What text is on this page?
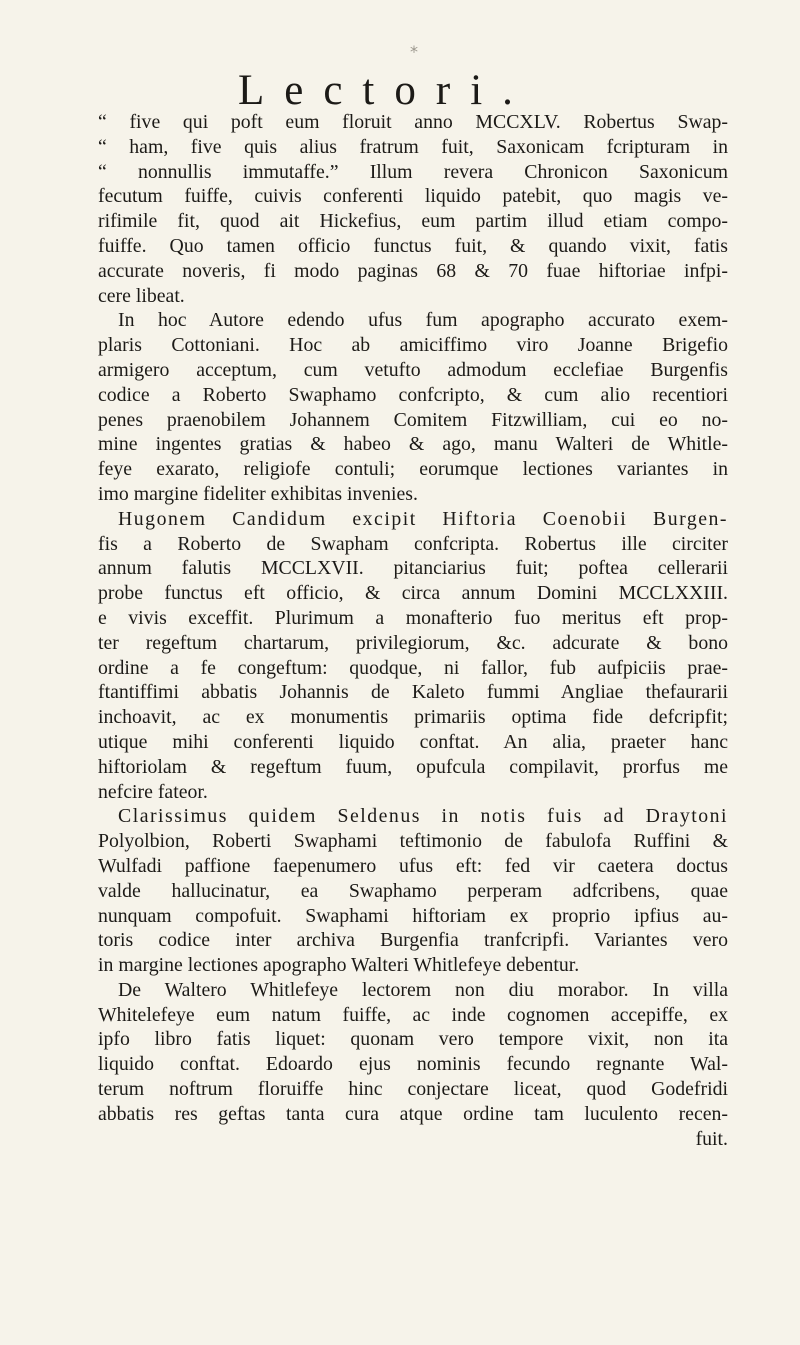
*
Lectori.
“ five qui poft eum floruit anno MCCXLV. Robertus Swap-
“ ham, five quis alius fratrum fuit, Saxonicam fcripturam in
“ nonnullis immutaffe.” Illum revera Chronicon Saxonicum
fecutum fuiffe, cuivis conferenti liquido patebit, quo magis ve-
rifimile fit, quod ait Hickefius, eum partim illud etiam compo-
fuiffe. Quo tamen officio functus fuit, & quando vixit, fatis
accurate noveris, fi modo paginas 68 & 70 fuae hiftoriae infpi-
cere libeat.
In hoc Autore edendo ufus fum apographo accurato exem-
plaris Cottoniani. Hoc ab amiciffimo viro Joanne Brigefio
armigero acceptum, cum vetufto admodum ecclefiae Burgenfis
codice a Roberto Swaphamo confcripto, & cum alio recentiori
penes praenobilem Johannem Comitem Fitzwilliam, cui eo no-
mine ingentes gratias & habeo & ago, manu Walteri de Whitle-
feye exarato, religiofe contuli; eorumque lectiones variantes in
imo margine fideliter exhibitas invenies.
Hugonem Candidum excipit Hiftoria Coenobii Burgen-
fis a Roberto de Swapham confcripta. Robertus ille circiter
annum falutis MCCLXVII. pitanciarius fuit; poftea cellerarii
probe functus eft officio, & circa annum Domini MCCLXXIII.
e vivis exceffit. Plurimum a monafterio fuo meritus eft prop-
ter regeftum chartarum, privilegiorum, &c. adcurate & bono
ordine a fe congeftum: quodque, ni fallor, fub aufpiciis prae-
ftantiffimi abbatis Johannis de Kaleto fummi Angliae thefaurarii
inchoavit, ac ex monumentis primariis optima fide defcripfit;
utique mihi conferenti liquido conftat. An alia, praeter hanc
hiftoriolam & regeftum fuum, opufcula compilavit, prorfus me
nefcire fateor.
Clarissimus quidem Seldenus in notis fuis ad Draytoni
Polyolbion, Roberti Swaphami teftimonio de fabulofa Ruffini &
Wulfadi paffione faepenumero ufus eft: fed vir caetera doctus
valde hallucinatur, ea Swaphamo perperam adfcribens, quae
nunquam compofuit. Swaphami hiftoriam ex proprio ipfius au-
toris codice inter archiva Burgenfia tranfcripfi. Variantes vero
in margine lectiones apographo Walteri Whitlefeye debentur.
De Waltero Whitlefeye lectorem non diu morabor. In villa
Whitelefeye eum natum fuiffe, ac inde cognomen accepiffe, ex
ipfo libro fatis liquet: quonam vero tempore vixit, non ita
liquido conftat. Edoardo ejus nominis fecundo regnante Wal-
terum noftrum floruiffe hinc conjectare liceat, quod Godefridi
abbatis res geftas tanta cura atque ordine tam luculento recen-
fuit.
